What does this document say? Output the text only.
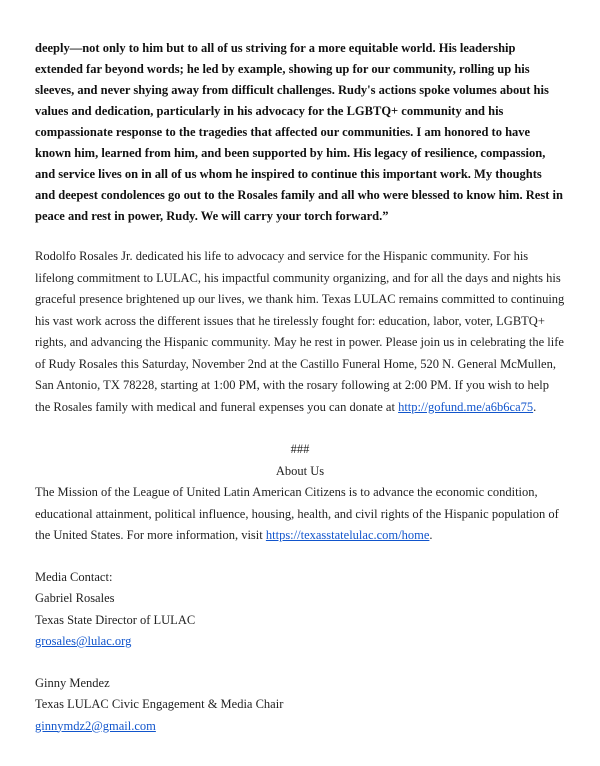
deeply—not only to him but to all of us striving for a more equitable world. His leadership extended far beyond words; he led by example, showing up for our community, rolling up his sleeves, and never shying away from difficult challenges. Rudy's actions spoke volumes about his values and dedication, particularly in his advocacy for the LGBTQ+ community and his compassionate response to the tragedies that affected our communities. I am honored to have known him, learned from him, and been supported by him. His legacy of resilience, compassion, and service lives on in all of us whom he inspired to continue this important work. My thoughts and deepest condolences go out to the Rosales family and all who were blessed to know him. Rest in peace and rest in power, Rudy. We will carry your torch forward.”

Rodolfo Rosales Jr. dedicated his life to advocacy and service for the Hispanic community. For his lifelong commitment to LULAC, his impactful community organizing, and for all the days and nights his graceful presence brightened up our lives, we thank him. Texas LULAC remains committed to continuing his vast work across the different issues that he tirelessly fought for: education, labor, voter, LGBTQ+ rights, and advancing the Hispanic community. May he rest in power. Please join us in celebrating the life of Rudy Rosales this Saturday, November 2nd at the Castillo Funeral Home, 520 N. General McMullen, San Antonio, TX 78228, starting at 1:00 PM, with the rosary following at 2:00 PM. If you wish to help the Rosales family with medical and funeral expenses you can donate at http://gofund.me/a6b6ca75.

###
About Us

The Mission of the League of United Latin American Citizens is to advance the economic condition, educational attainment, political influence, housing, health, and civil rights of the Hispanic population of the United States. For more information, visit https://texasstatelulac.com/home.

Media Contact:
Gabriel Rosales
Texas State Director of LULAC
grosales@lulac.org
Ginny Mendez
Texas LULAC Civic Engagement & Media Chair
ginnymdz2@gmail.com
